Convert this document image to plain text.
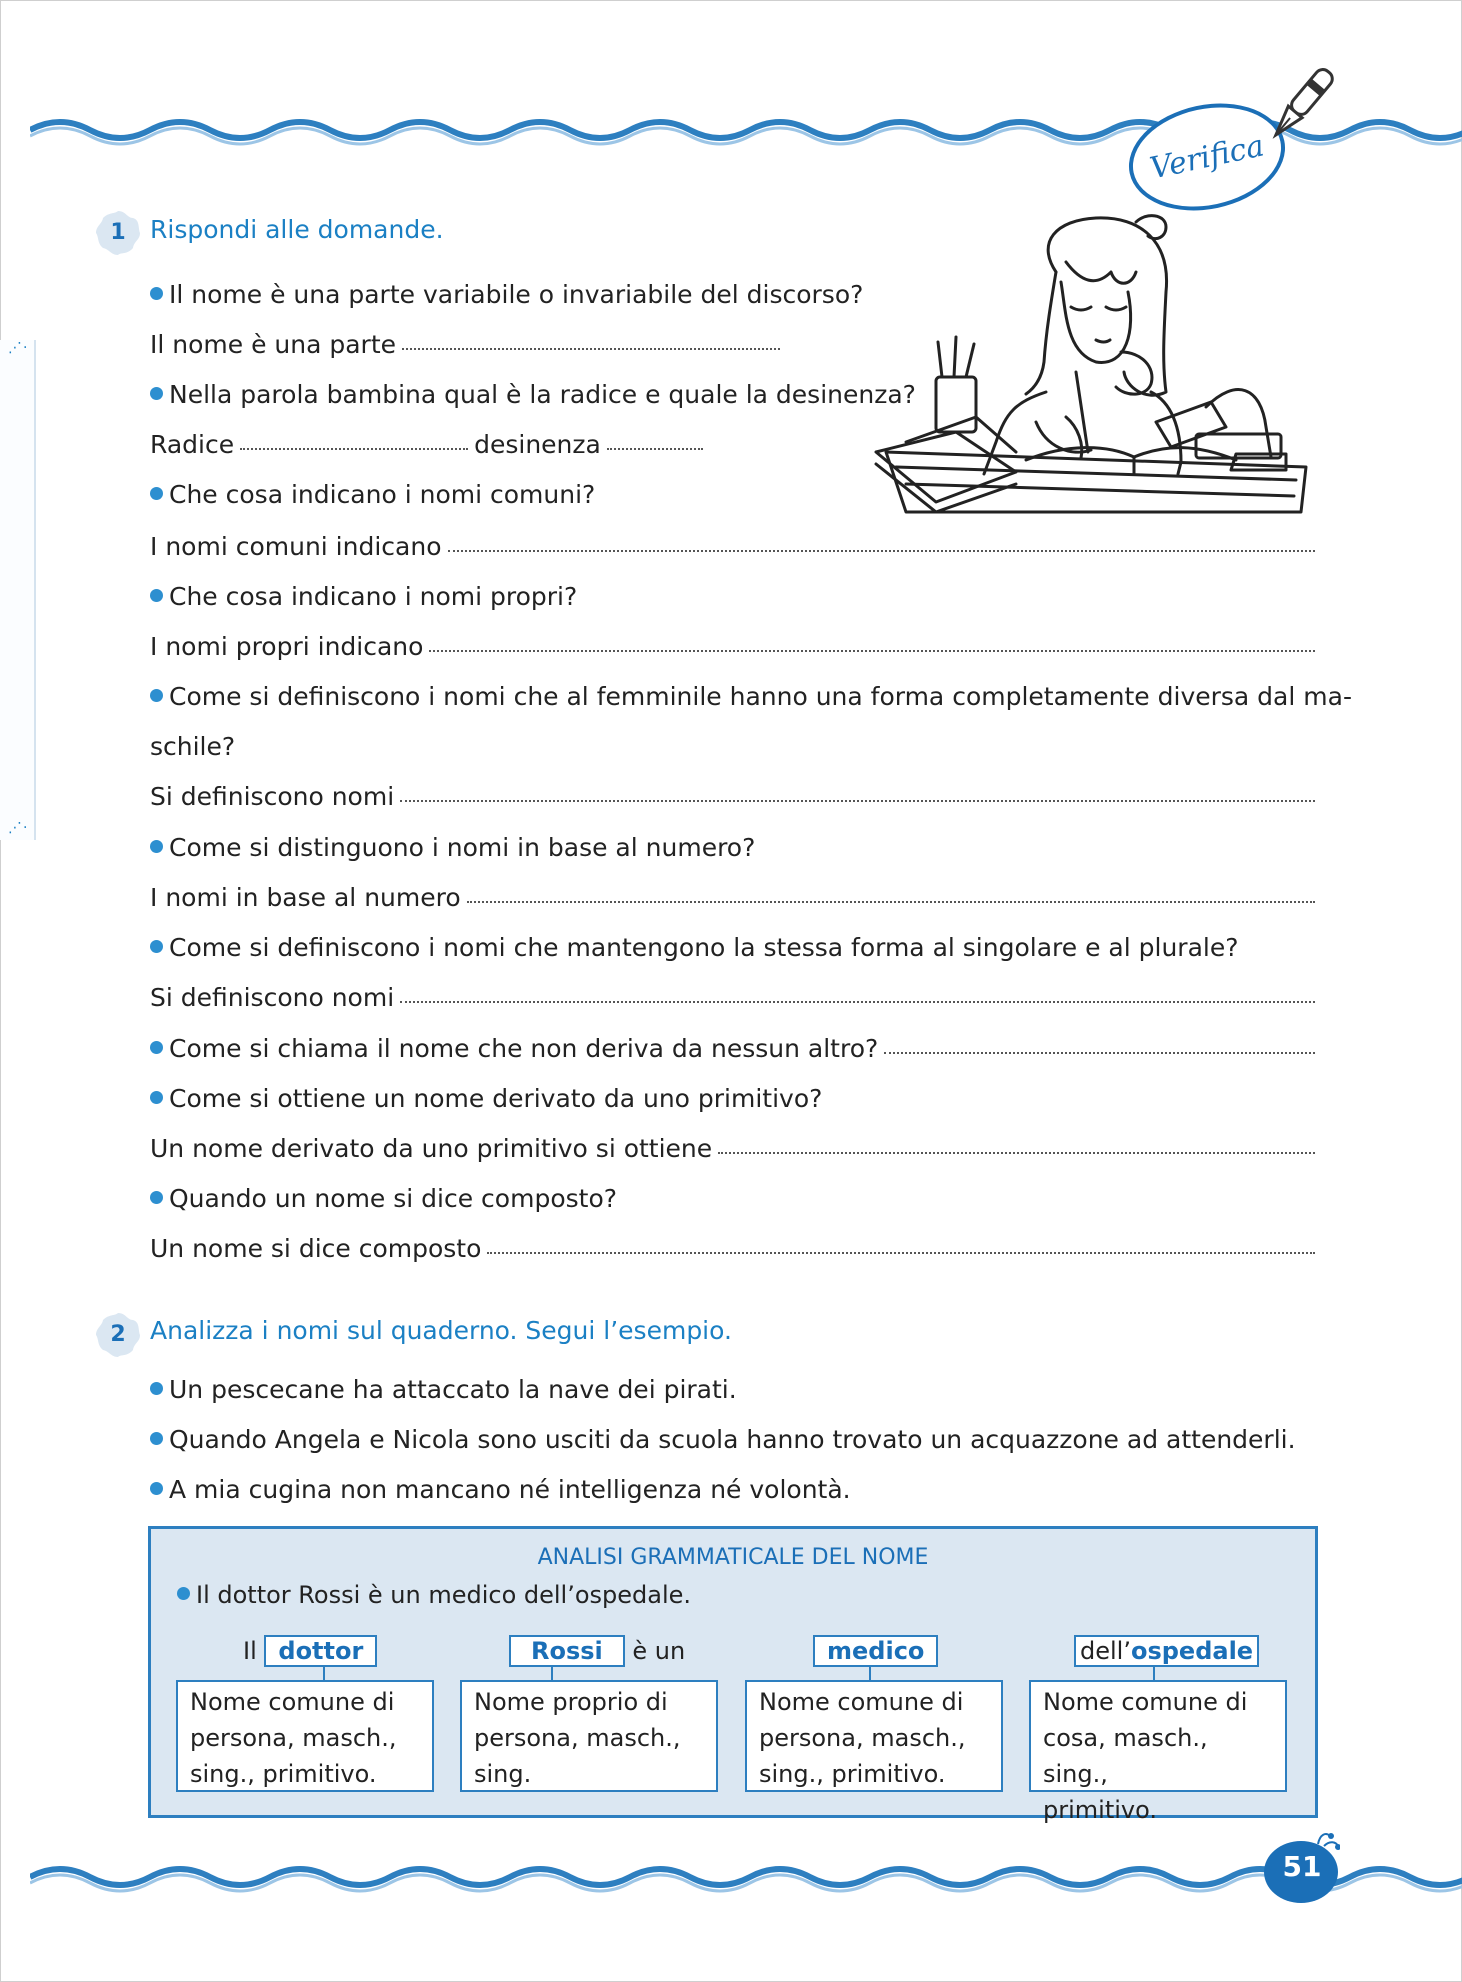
⋰·
⋰·
Verifica
1 Rispondi alle domande.
Il nome è una parte variabile o invariabile del discorso?
Il nome è una parte
Nella parola bambina qual è la radice e quale la desinenza?
Radice	desinenza
Che cosa indicano i nomi comuni?
I nomi comuni indicano
Che cosa indicano i nomi propri?
I nomi propri indicano
Come si definiscono i nomi che al femminile hanno una forma completamente diversa dal ma-
schile?
Si definiscono nomi
Come si distinguono i nomi in base al numero?
I nomi in base al numero
Come si definiscono i nomi che mantengono la stessa forma al singolare e al plurale?
Si definiscono nomi
Come si chiama il nome che non deriva da nessun altro?
Come si ottiene un nome derivato da uno primitivo?
Un nome derivato da uno primitivo si ottiene
Quando un nome si dice composto?
Un nome si dice composto
2 Analizza i nomi sul quaderno. Segui l’esempio.
Un pescecane ha attaccato la nave dei pirati.
Quando Angela e Nicola sono usciti da scuola hanno trovato un acquazzone ad attenderli.
A mia cugina non mancano né intelligenza né volontà.
ANALISI GRAMMATICALE DEL NOME
Il dottor Rossi è un medico dell’ospedale.
Il dottor	Rossi è un	medico	dell’ospedale
Nome comune di
persona, masch.,
sing., primitivo.
Nome proprio di
persona, masch.,
sing.
Nome comune di
persona, masch.,
sing., primitivo.
Nome comune di
cosa, masch., sing.,
primitivo.
51
